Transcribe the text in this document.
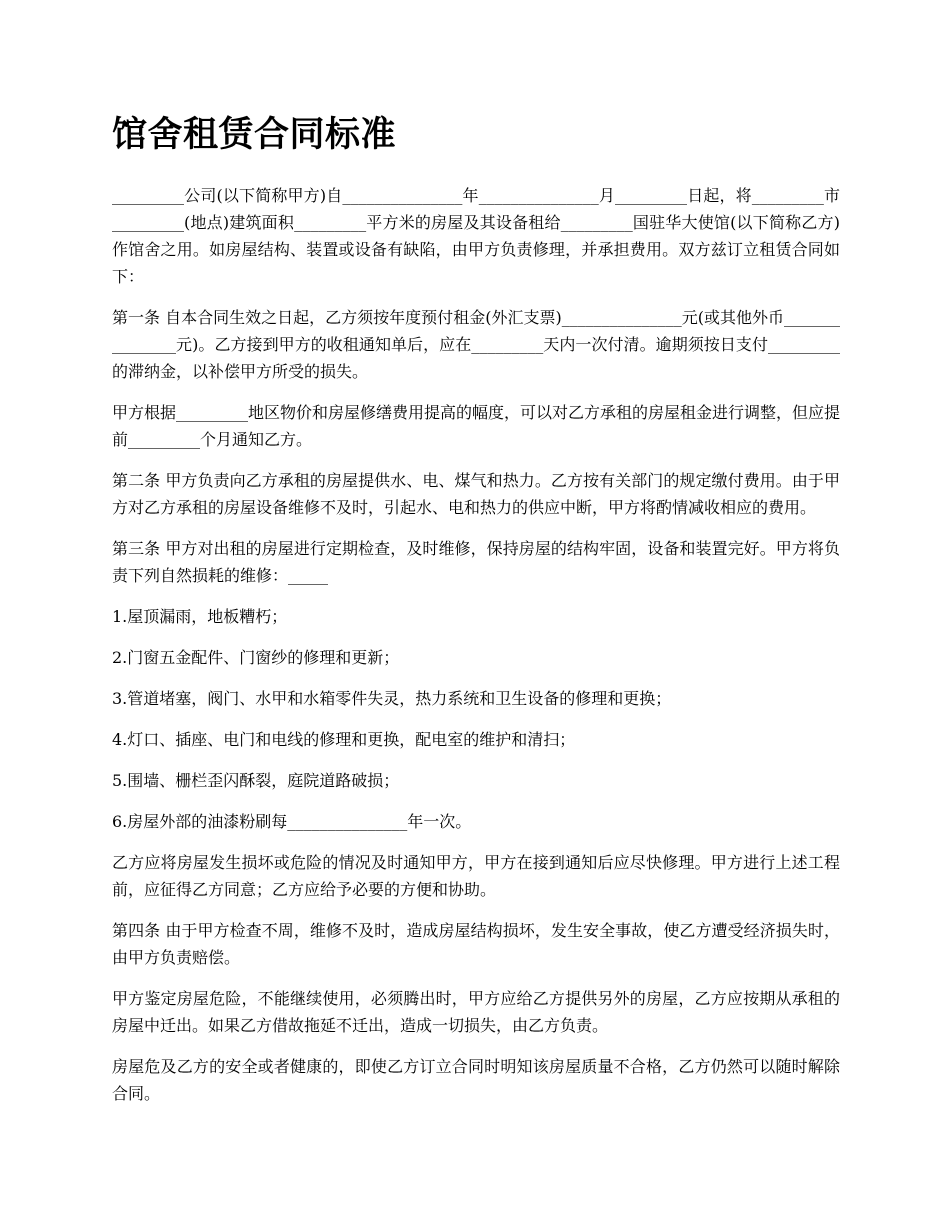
馆舍租赁合同标准

_________公司(以下简称甲方)自_______________年_______________月_________日起，将_________市_________(地点)建筑面积_________平方米的房屋及其设备租给_________国驻华大使馆(以下简称乙方)作馆舍之用。如房屋结构、装置或设备有缺陷，由甲方负责修理，并承担费用。双方兹订立租赁合同如下：

第一条 自本合同生效之日起，乙方须按年度预付租金(外汇支票)_______________元(或其他外币_______________元)。乙方接到甲方的收租通知单后，应在_________天内一次付清。逾期须按日支付_________的滞纳金，以补偿甲方所受的损失。

甲方根据_________地区物价和房屋修缮费用提高的幅度，可以对乙方承租的房屋租金进行调整，但应提前_________个月通知乙方。

第二条 甲方负责向乙方承租的房屋提供水、电、煤气和热力。乙方按有关部门的规定缴付费用。由于甲方对乙方承租的房屋设备维修不及时，引起水、电和热力的供应中断，甲方将酌情减收相应的费用。

第三条 甲方对出租的房屋进行定期检查，及时维修，保持房屋的结构牢固，设备和装置完好。甲方将负责下列自然损耗的维修：_____

1.屋顶漏雨，地板糟朽；

2.门窗五金配件、门窗纱的修理和更新；

3.管道堵塞，阀门、水甲和水箱零件失灵，热力系统和卫生设备的修理和更换；

4.灯口、插座、电门和电线的修理和更换，配电室的维护和清扫；

5.围墙、栅栏歪闪酥裂，庭院道路破损；

6.房屋外部的油漆粉刷每_______________年一次。

乙方应将房屋发生损坏或危险的情况及时通知甲方，甲方在接到通知后应尽快修理。甲方进行上述工程前，应征得乙方同意；乙方应给予必要的方便和协助。

第四条 由于甲方检查不周，维修不及时，造成房屋结构损坏，发生安全事故，使乙方遭受经济损失时，由甲方负责赔偿。

甲方鉴定房屋危险，不能继续使用，必须腾出时，甲方应给乙方提供另外的房屋，乙方应按期从承租的房屋中迁出。如果乙方借故拖延不迁出，造成一切损失，由乙方负责。

房屋危及乙方的安全或者健康的，即使乙方订立合同时明知该房屋质量不合格，乙方仍然可以随时解除合同。
